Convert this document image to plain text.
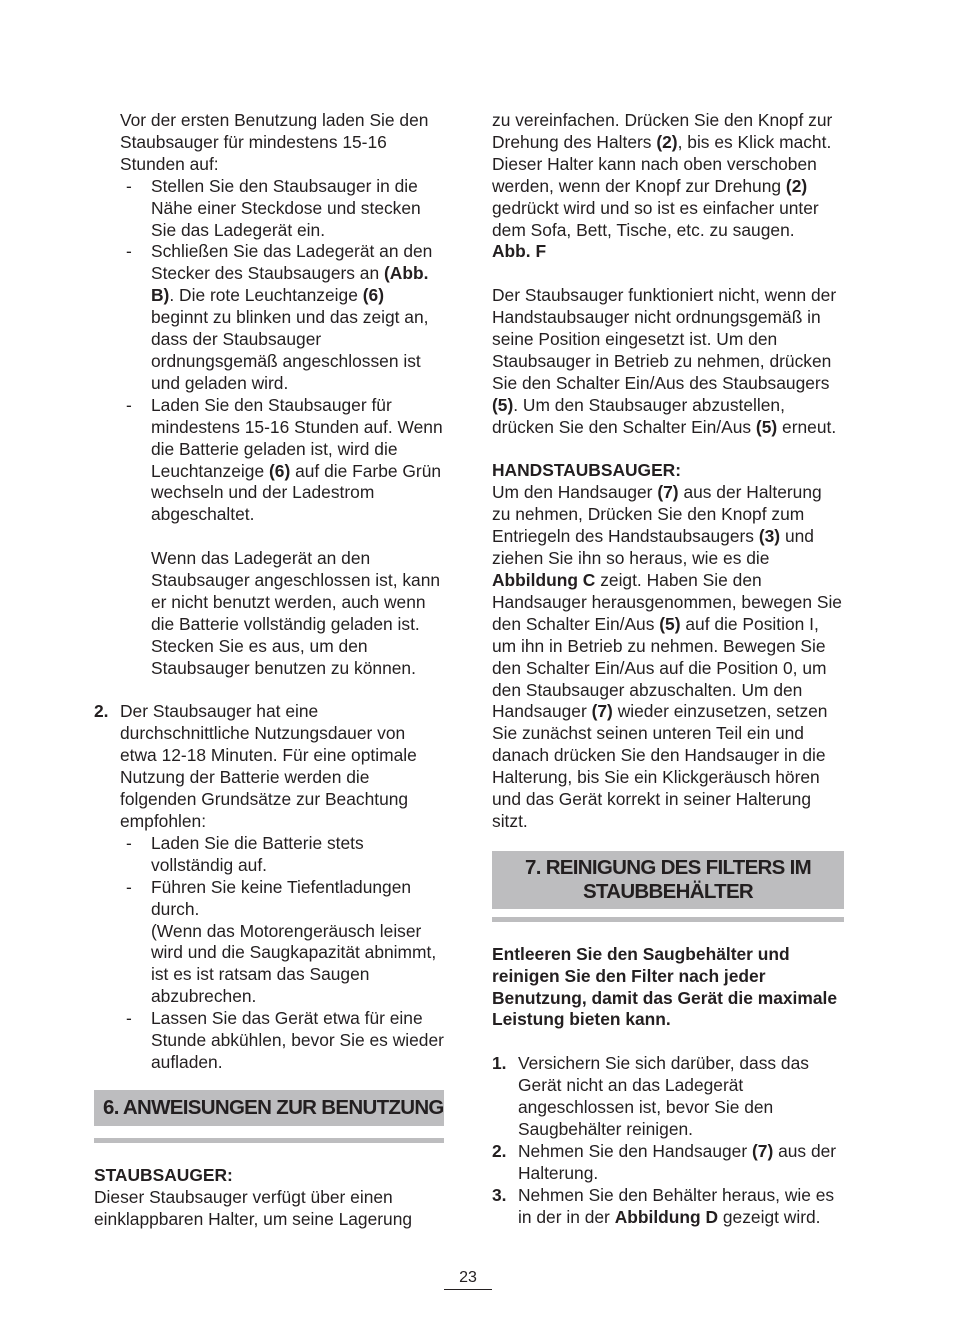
Vor der ersten Benutzung laden Sie den Staubsauger für mindestens 15-16 Stunden auf:

- Stellen Sie den Staubsauger in die Nähe einer Steckdose und stecken Sie das Ladegerät ein.

- Schließen Sie das Ladegerät an den Stecker des Staubsaugers an (Abb. B). Die rote Leuchtanzeige (6) beginnt zu blinken und das zeigt an, dass der Staubsauger ordnungsgemäß angeschlossen ist und geladen wird.

- Laden Sie den Staubsauger für mindestens 15-16 Stunden auf. Wenn die Batterie geladen ist, wird die Leuchtanzeige (6) auf die Farbe Grün wechseln und der Ladestrom abgeschaltet.

Wenn das Ladegerät an den Staubsauger angeschlossen ist, kann er nicht benutzt werden, auch wenn die Batterie vollständig geladen ist. Stecken Sie es aus, um den Staubsauger benutzen zu können.

2. Der Staubsauger hat eine durchschnittliche Nutzungsdauer von etwa 12-18 Minuten. Für eine optimale Nutzung der Batterie werden die folgenden Grundsätze zur Beachtung empfohlen:

- Laden Sie die Batterie stets vollständig auf.

- Führen Sie keine Tiefentladungen durch.

(Wenn das Motorengeräusch leiser wird und die Saugkapazität abnimmt, ist es ist ratsam das Saugen abzubrechen.

- Lassen Sie das Gerät etwa für eine Stunde abkühlen, bevor Sie es wieder aufladen.

6. ANWEISUNGEN ZUR BENUTZUNG

STAUBSAUGER:

Dieser Staubsauger verfügt über einen einklappbaren Halter, um seine Lagerung

zu vereinfachen. Drücken Sie den Knopf zur Drehung des Halters (2), bis es Klick macht. Dieser Halter kann nach oben verschoben werden, wenn der Knopf zur Drehung (2) gedrückt wird und so ist es einfacher unter dem Sofa, Bett, Tische, etc. zu saugen.

Abb. F

Der Staubsauger funktioniert nicht, wenn der Handstaubsauger nicht ordnungsgemäß in seine Position eingesetzt ist. Um den Staubsauger in Betrieb zu nehmen, drücken Sie den Schalter Ein/Aus des Staubsaugers (5). Um den Staubsauger abzustellen, drücken Sie den Schalter Ein/Aus (5) erneut.

HANDSTAUBSAUGER:

Um den Handsauger (7) aus der Halterung zu nehmen, Drücken Sie den Knopf zum Entriegeln des Handstaubsaugers (3) und ziehen Sie ihn so heraus, wie es die Abbildung C zeigt. Haben Sie den Handsauger herausgenommen, bewegen Sie den Schalter Ein/Aus (5) auf die Position I, um ihn in Betrieb zu nehmen. Bewegen Sie den Schalter Ein/Aus auf die Position 0, um den Staubsauger abzuschalten. Um den Handsauger (7) wieder einzusetzen, setzen Sie zunächst seinen unteren Teil ein und danach drücken Sie den Handsauger in die Halterung, bis Sie ein Klickgeräusch hören und das Gerät korrekt in seiner Halterung sitzt.

7. REINIGUNG DES FILTERS IM
STAUBBEHÄLTER

Entleeren Sie den Saugbehälter und reinigen Sie den Filter nach jeder Benutzung, damit das Gerät die maximale Leistung bieten kann.

1. Versichern Sie sich darüber, dass das Gerät nicht an das Ladegerät angeschlossen ist, bevor Sie den Saugbehälter reinigen.

2. Nehmen Sie den Handsauger (7) aus der Halterung.

3. Nehmen Sie den Behälter heraus, wie es in der in der Abbildung D gezeigt wird.

23
